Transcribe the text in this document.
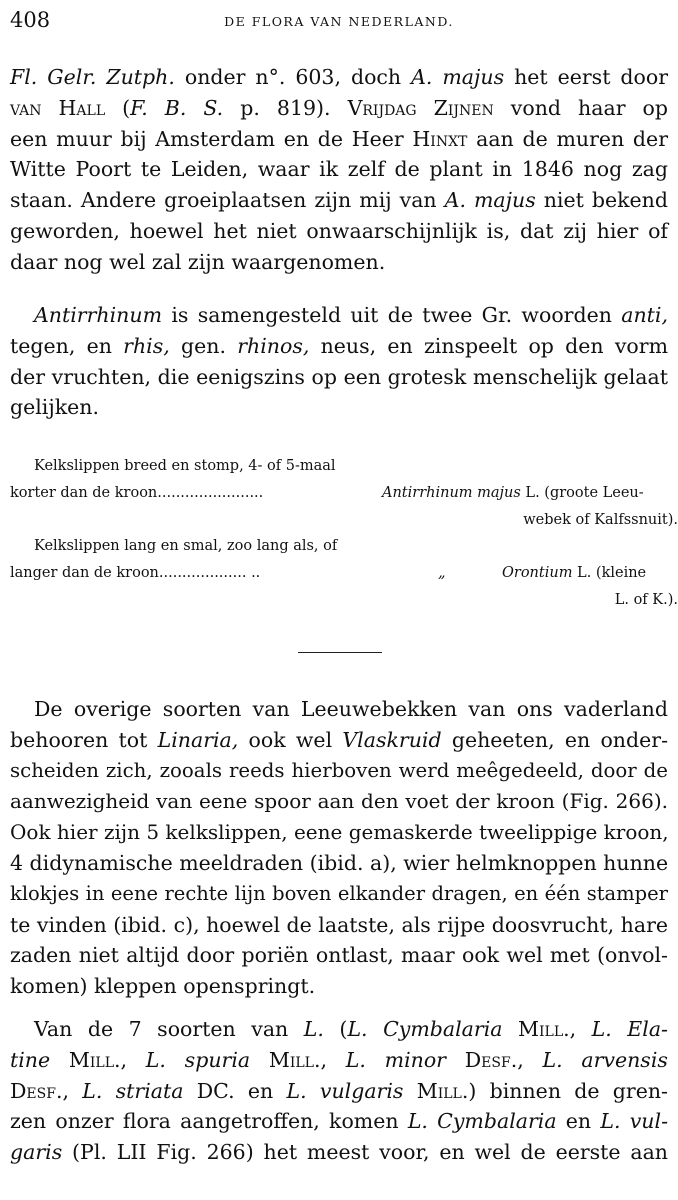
408	DE FLORA VAN NEDERLAND.

Fl. Gelr. Zutph. onder n°. 603, doch A. majus het eerst door
van Hall (F. B. S. p. 819). Vrijdag Zijnen vond haar op
een muur bij Amsterdam en de Heer Hinxt aan de muren der
Witte Poort te Leiden, waar ik zelf de plant in 1846 nog zag
staan. Andere groeiplaatsen zijn mij van A. majus niet bekend
geworden, hoewel het niet onwaarschijnlijk is, dat zij hier of
daar nog wel zal zijn waargenomen.

Antirrhinum is samengesteld uit de twee Gr. woorden anti,
tegen, en rhis, gen. rhinos, neus, en zinspeelt op den vorm
der vruchten, die eenigszins op een grotesk menschelijk gelaat
gelijken.

Kelkslippen breed en stomp, 4- of 5-maal
korter dan de kroon.......................	Antirrhinum majus L. (groote Leeu-
webek of Kalfssnuit).
Kelkslippen lang en smal, zoo lang als, of
langer dan de kroon................... ..	„	Orontium L. (kleine
L. of K.).

De overige soorten van Leeuwebekken van ons vaderland
behooren tot Linaria, ook wel Vlaskruid geheeten, en onder-
scheiden zich, zooals reeds hierboven werd meêgedeeld, door de
aanwezigheid van eene spoor aan den voet der kroon (Fig. 266).
Ook hier zijn 5 kelkslippen, eene gemaskerde tweelippige kroon,
4 didynamische meeldraden (ibid. a), wier helmknoppen hunne
klokjes in eene rechte lijn boven elkander dragen, en één stamper
te vinden (ibid. c), hoewel de laatste, als rijpe doosvrucht, hare
zaden niet altijd door poriën ontlast, maar ook wel met (onvol-
komen) kleppen openspringt.

Van de 7 soorten van L. (L. Cymbalaria Mill., L. Ela-
tine Mill., L. spuria Mill., L. minor Desf., L. arvensis
Desf., L. striata DC. en L. vulgaris Mill.) binnen de gren-
zen onzer flora aangetroffen, komen L. Cymbalaria en L. vul-
garis (Pl. LII Fig. 266) het meest voor, en wel de eerste aan
